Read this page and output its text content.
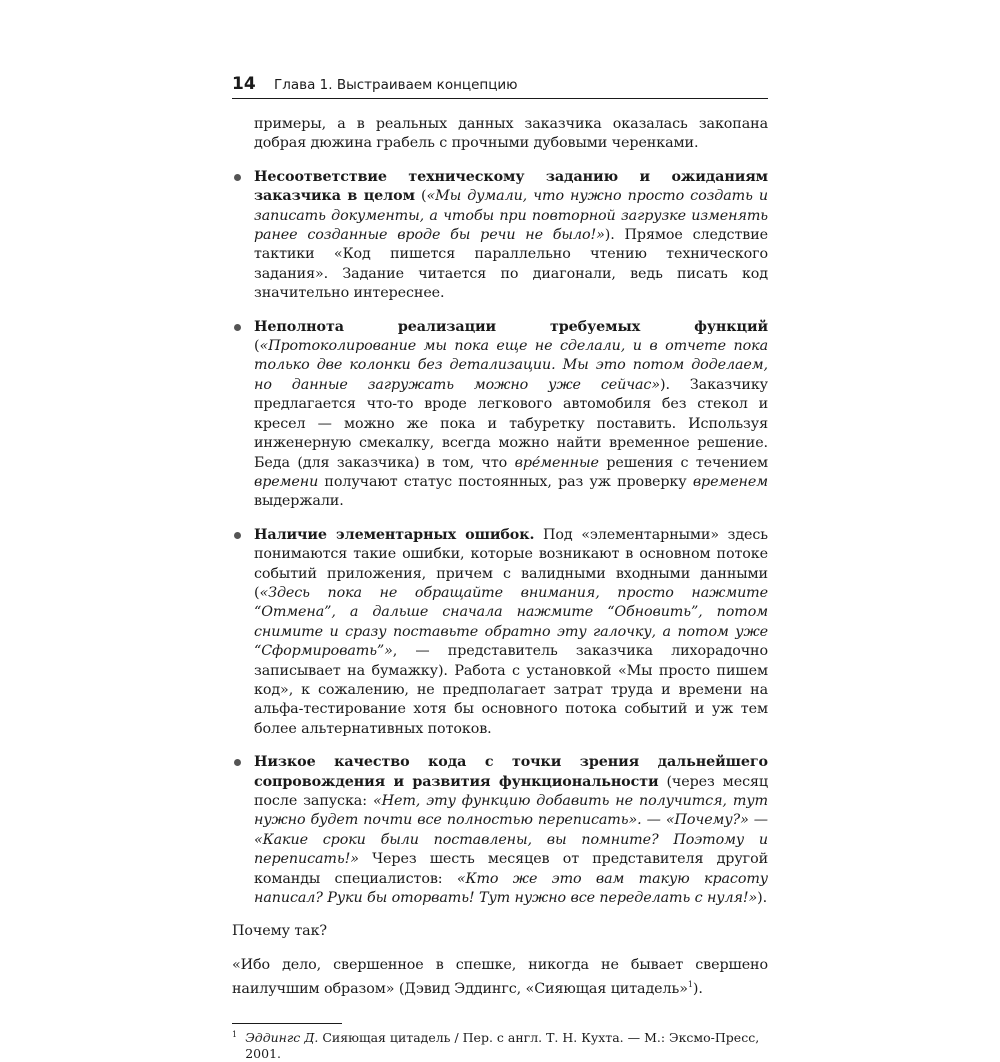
14	Глава 1. Выстраиваем концепцию

примеры, а в реальных данных заказчика оказалась закопана добрая дюжина грабель с прочными дубовыми черенками.

Несоответствие техническому заданию и ожиданиям заказчика в целом («Мы думали, что нужно просто создать и записать документы, а чтобы при повторной загрузке изменять ранее созданные вроде бы речи не было!»). Прямое следствие тактики «Код пишется параллельно чтению технического задания». Задание читается по диагонали, ведь писать код значительно интереснее.
Неполнота реализации требуемых функций («Протоколирование мы пока еще не сделали, и в отчете пока только две колонки без детализации. Мы это потом доделаем, но данные загружать можно уже сейчас»). Заказчику предлагается что-то вроде легкового автомобиля без стекол и кресел — можно же пока и табуретку поставить. Используя инженерную смекалку, всегда можно найти временное решение. Беда (для заказчика) в том, что вре́менные решения с течением времени получают статус постоянных, раз уж проверку временем выдержали.
Наличие элементарных ошибок. Под «элементарными» здесь понимаются такие ошибки, которые возникают в основном потоке событий приложения, причем с валидными входными данными («Здесь пока не обращайте внимания, просто нажмите “Отмена”, а дальше сначала нажмите “Обновить”, потом снимите и сразу поставьте обратно эту галочку, а потом уже “Сформировать”», — представитель заказчика лихорадочно записывает на бумажку). Работа с установкой «Мы просто пишем код», к сожалению, не предполагает затрат труда и времени на альфа-тестирование хотя бы основного потока событий и уж тем более альтернативных потоков.
Низкое качество кода с точки зрения дальнейшего сопровождения и развития функциональности (через месяц после запуска: «Нет, эту функцию добавить не получится, тут нужно будет почти все полностью переписать». — «Почему?» — «Какие сроки были поставлены, вы помните? Поэтому и переписать!» Через шесть месяцев от представителя другой команды специалистов: «Кто же это вам такую красоту написал? Руки бы оторвать! Тут нужно все переделать с нуля!»).

Почему так?

«Ибо дело, свершенное в спешке, никогда не бывает свершено наилучшим образом» (Дэвид Эддингс, «Сияющая цитадель»$^1$).

1 Эддингс Д. Сияющая цитадель / Пер. с англ. Т. Н. Кухта. — М.: Эксмо-Пресс, 2001.
